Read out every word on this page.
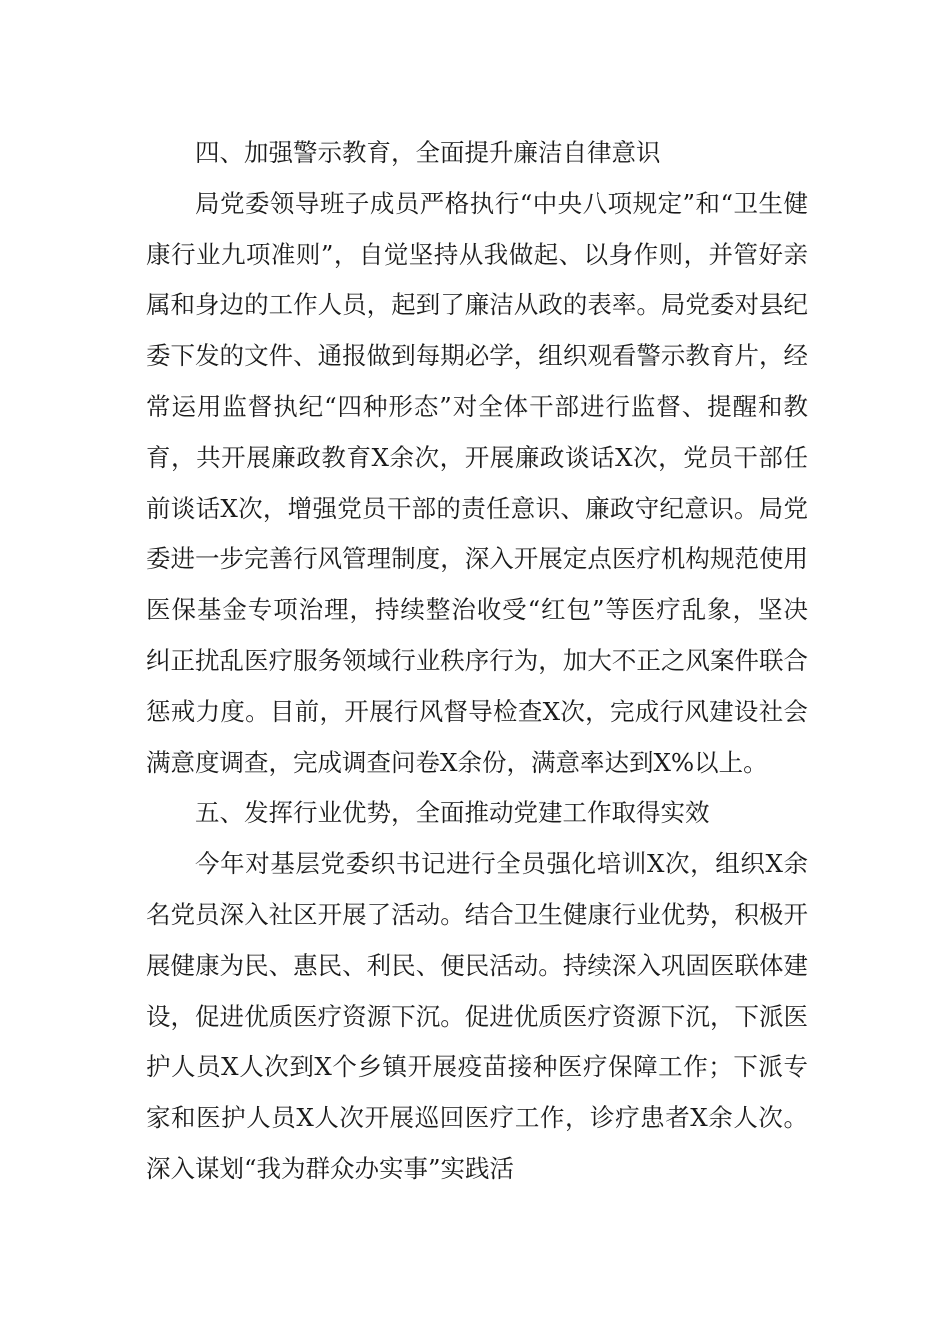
四、加强警示教育，全面提升廉洁自律意识

局党委领导班子成员严格执行“中央八项规定”和“卫生健康行业九项准则”，自觉坚持从我做起、以身作则，并管好亲属和身边的工作人员，起到了廉洁从政的表率。局党委对县纪委下发的文件、通报做到每期必学，组织观看警示教育片，经常运用监督执纪“四种形态”对全体干部进行监督、提醒和教育，共开展廉政教育X余次，开展廉政谈话X次，党员干部任前谈话X次，增强党员干部的责任意识、廉政守纪意识。局党委进一步完善行风管理制度，深入开展定点医疗机构规范使用医保基金专项治理，持续整治收受“红包”等医疗乱象，坚决纠正扰乱医疗服务领域行业秩序行为，加大不正之风案件联合惩戒力度。目前，开展行风督导检查X次，完成行风建设社会满意度调查，完成调查问卷X余份，满意率达到X%以上。

五、发挥行业优势，全面推动党建工作取得实效

今年对基层党委织书记进行全员强化培训X次，组织X余名党员深入社区开展了活动。结合卫生健康行业优势，积极开展健康为民、惠民、利民、便民活动。持续深入巩固医联体建设，促进优质医疗资源下沉。促进优质医疗资源下沉，下派医护人员X人次到X个乡镇开展疫苗接种医疗保障工作；下派专家和医护人员X人次开展巡回医疗工作，诊疗患者X余人次。深入谋划“我为群众办实事”实践活
